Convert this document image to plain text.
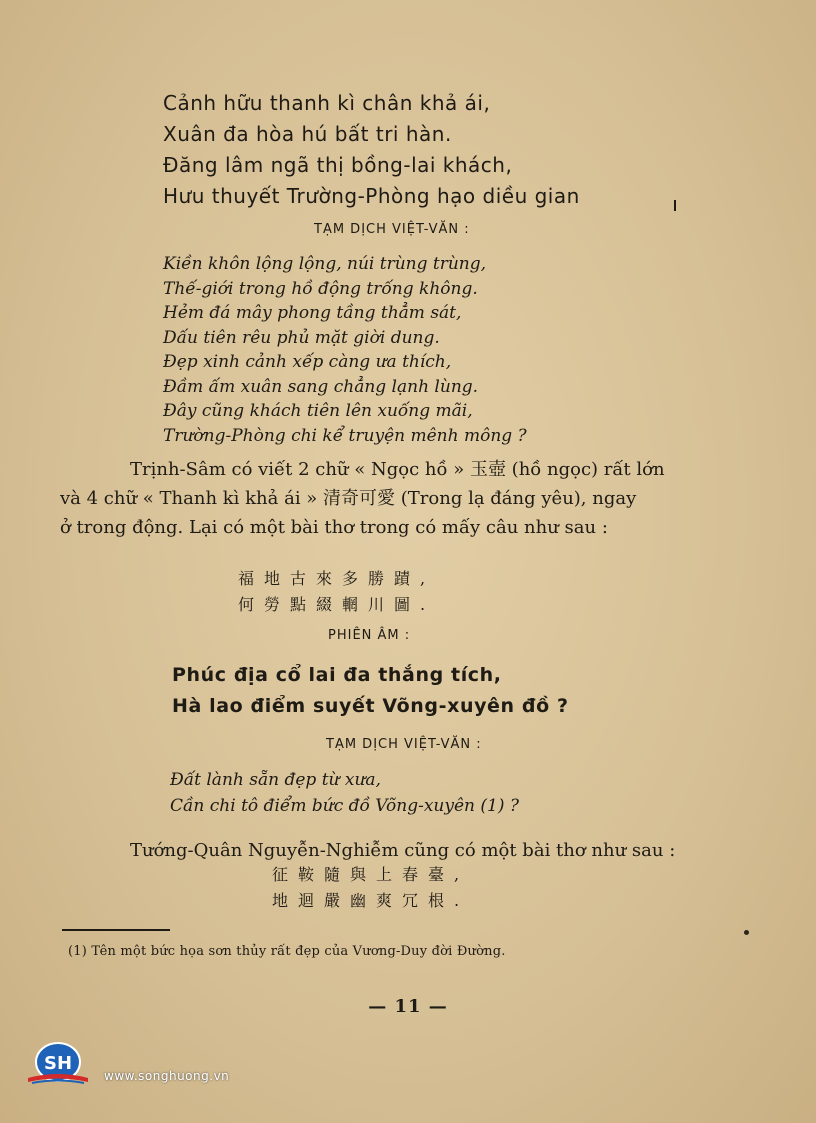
Cảnh hữu thanh kì chân khả ái,
Xuân đa hòa hú bất tri hàn.
Đăng lâm ngã thị bồng-lai khách,
Hưu thuyết Trường-Phòng hạo diều gian
TẠM DỊCH VIỆT-VĂN :
Kiền khôn lộng lộng, núi trùng trùng,
Thế-giới trong hồ động trống không.
Hẻm đá mây phong tầng thẳm sát,
Dấu tiên rêu phủ mặt giời dung.
Đẹp xinh cảnh xếp càng ưa thích,
Đầm ấm xuân sang chẳng lạnh lùng.
Đây cũng khách tiên lên xuống mãi,
Trường-Phòng chi kể truyện mênh mông ?
Trịnh-Sâm có viết 2 chữ « Ngọc hồ » 玉壺 (hồ ngọc) rất lớn
và 4 chữ « Thanh kì khả ái » 清奇可愛 (Trong lạ đáng yêu), ngay
ở trong động. Lại có một bài thơ trong có mấy câu như sau :
福地古來多勝蹟,
何勞點綴輞川圖.
PHIÊN ÂM :
Phúc địa cổ lai đa thắng tích,
Hà lao điểm suyết Võng-xuyên đồ ?
TẠM DỊCH VIỆT-VĂN :
Đất lành sẵn đẹp từ xưa,
Cần chi tô điểm bức đồ Võng-xuyên (1) ?
Tướng-Quân Nguyễn-Nghiễm cũng có một bài thơ như sau :
征鞍隨與上春臺,
地迴嚴幽爽冗根.
(1) Tên một bức họa sơn thủy rất đẹp của Vương-Duy đời Đường.
— 11 —
SH
www.songhuong.vn
